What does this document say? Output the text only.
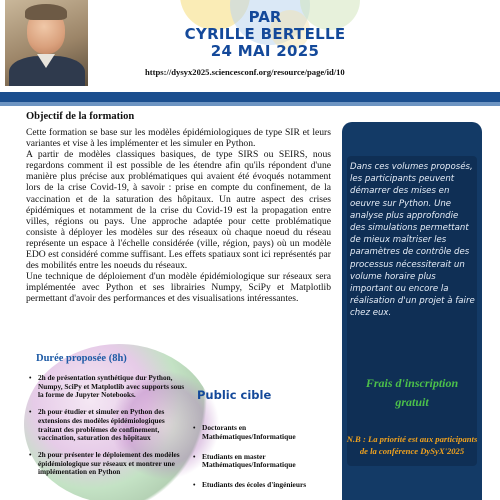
PAR
CYRILLE BERTELLE
24 MAI 2025
https://dysyx2025.sciencesconf.org/resource/page/id/10
Objectif de la formation

Cette formation se base sur les modèles épidémiologiques de type SIR et leurs variantes et vise à les implémenter et les simuler en Python.

A partir de modèles classiques basiques, de type SIRS ou SEIRS, nous regardons comment il est possible de les étendre afin qu'ils répondent d'une manière plus précise aux problématiques qui avaient été évoqués notamment lors de la crise Covid-19, à savoir : prise en compte du confinement, de la vaccination et de la saturation des hôpitaux. Un autre aspect des crises épidémiques et notamment de la crise du Covid-19 est la propagation entre villes, régions ou pays. Une approche adaptée pour cette problématique consiste à déployer les modèles sur des réseaux où chaque noeud du réseau représente un espace à l'échelle considérée (ville, région, pays) où un modèle EDO est considéré comme suffisant. Les effets spatiaux sont ici représentés par des mobilités entre les noeuds du réseaux.

Une technique de déploiement d'un modèle épidémiologique sur réseaux sera implémentée avec Python et ses librairies Numpy, SciPy et Matplotlib permettant d'avoir des performances et des visualisations intéressantes.

Durée proposée (8h)
• 2h de présentation synthétique dur Python, Numpy, SciPy et Matplotlib avec supports sous la forme de Jupyter Notebooks.
• 2h pour étudier et simuler en Python des extensions des modèles épidémiologiques traitant des problèmes de confinement, vaccination, saturation des hôpitaux
• 2h pour présenter le déploiement des modèles épidémiologique sur réseaux et montrer une implémentation en Python
Public cible
• Doctorants en Mathématiques/Informatique
• Etudiants en master Mathématiques/Informatique
• Etudiants des écoles d'ingénieurs
Dans ces volumes proposés, les participants peuvent démarrer des mises en oeuvre sur Python. Une analyse plus approfondie des simulations permettant de mieux maîtriser les paramètres de contrôle des processus nécessiterait un volume horaire plus important ou encore la réalisation d'un projet à faire chez eux.
Frais d'inscription gratuit
N.B : La priorité est aux participants de la conférence DySyX'2025
